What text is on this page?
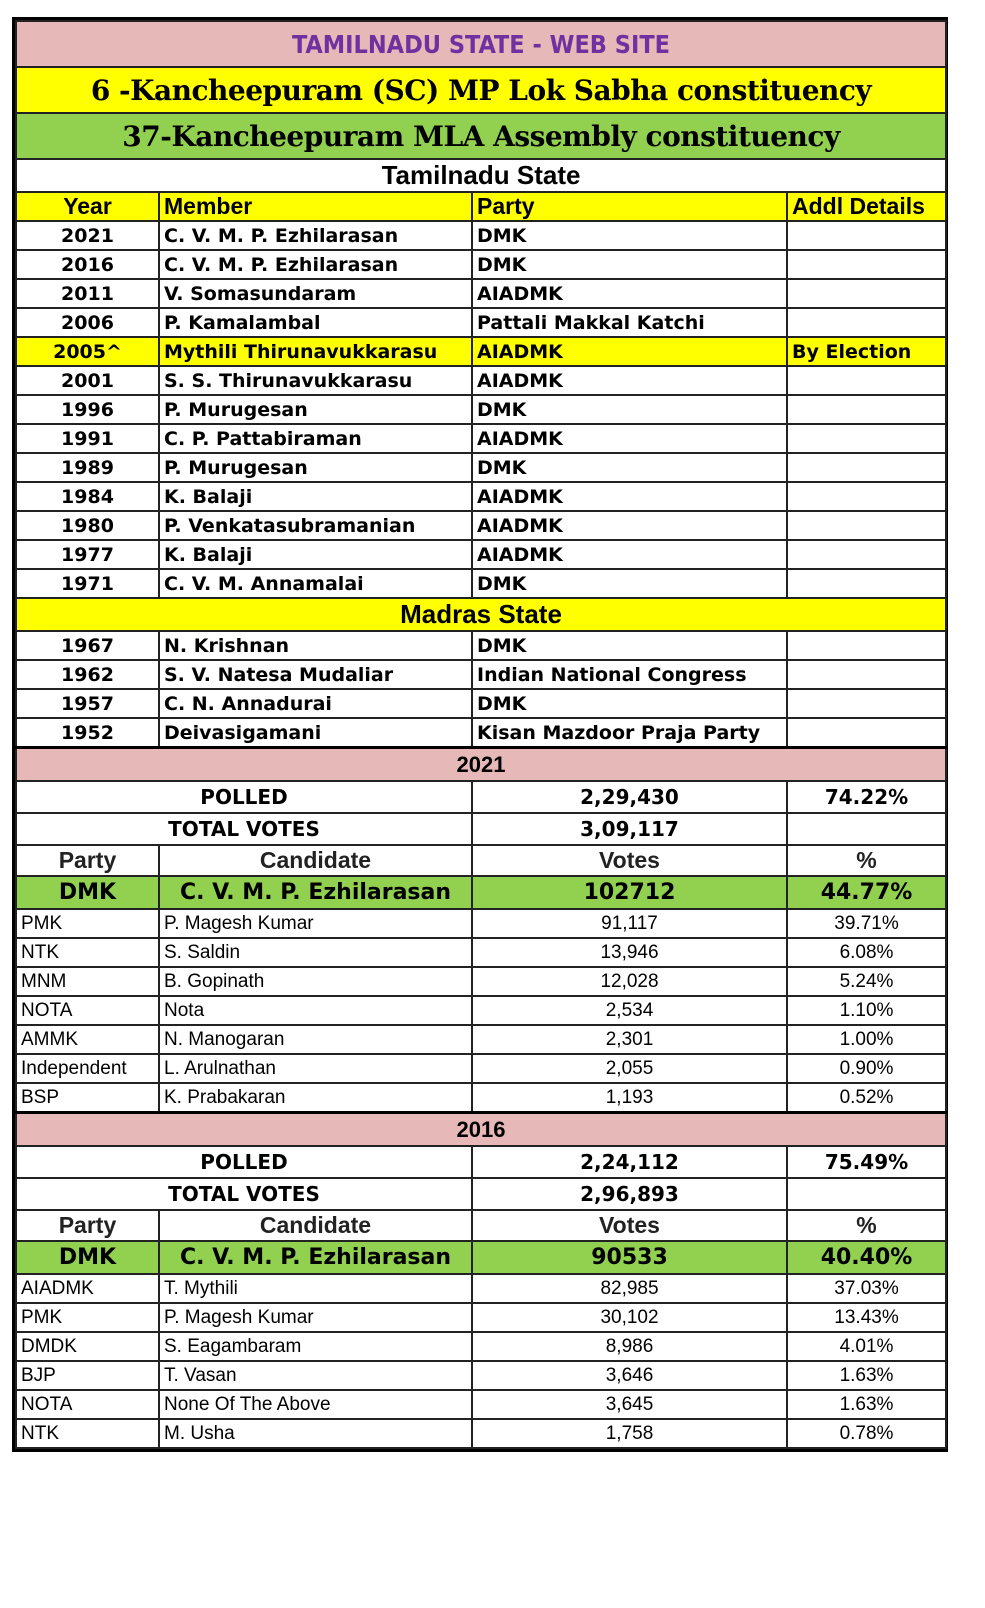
TAMILNADU STATE - WEB SITE			
6 -Kancheepuram (SC) MP Lok Sabha constituency			
37-Kancheepuram MLA Assembly constituency			
Tamilnadu State			
Year	Member	Party	Addl Details
2021	C. V. M. P. Ezhilarasan	DMK	
2016	C. V. M. P. Ezhilarasan	DMK	
2011	V. Somasundaram	AIADMK	
2006	P. Kamalambal	Pattali Makkal Katchi	
2005^	Mythili Thirunavukkarasu	AIADMK	By Election
2001	S. S. Thirunavukkarasu	AIADMK	
1996	P. Murugesan	DMK	
1991	C. P. Pattabiraman	AIADMK	
1989	P. Murugesan	DMK	
1984	K. Balaji	AIADMK	
1980	P. Venkatasubramanian	AIADMK	
1977	K. Balaji	AIADMK	
1971	C. V. M. Annamalai	DMK	
Madras State			
1967	N. Krishnan	DMK	
1962	S. V. Natesa Mudaliar	Indian National Congress	
1957	C. N. Annadurai	DMK	
1952	Deivasigamani	Kisan Mazdoor Praja Party	
2021			
POLLED		2,29,430	74.22%
TOTAL VOTES		3,09,117	
Party	Candidate	Votes	%
DMK	C. V. M. P. Ezhilarasan	102712	44.77%
PMK	P. Magesh Kumar	91,117	39.71%
NTK	S. Saldin	13,946	6.08%
MNM	B. Gopinath	12,028	5.24%
NOTA	Nota	2,534	1.10%
AMMK	N. Manogaran	2,301	1.00%
Independent	L. Arulnathan	2,055	0.90%
BSP	K. Prabakaran	1,193	0.52%
2016			
POLLED		2,24,112	75.49%
TOTAL VOTES		2,96,893	
Party	Candidate	Votes	%
DMK	C. V. M. P. Ezhilarasan	90533	40.40%
AIADMK	T. Mythili	82,985	37.03%
PMK	P. Magesh Kumar	30,102	13.43%
DMDK	S. Eagambaram	8,986	4.01%
BJP	T. Vasan	3,646	1.63%
NOTA	None Of The Above	3,645	1.63%
NTK	M. Usha	1,758	0.78%
